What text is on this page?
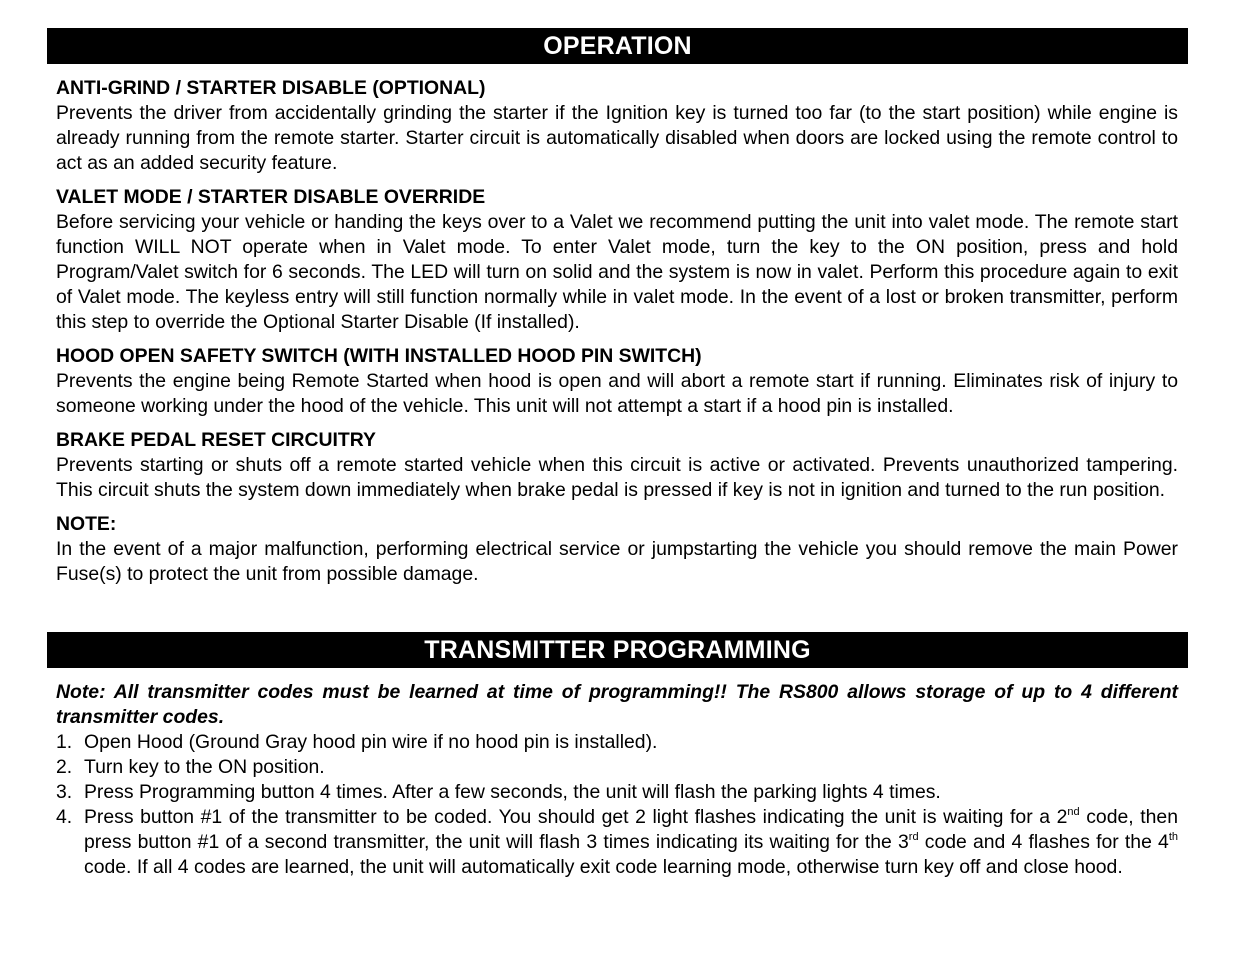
OPERATION
ANTI-GRIND / STARTER DISABLE (OPTIONAL)
Prevents the driver from accidentally grinding the starter if the Ignition key is turned too far (to the start position) while engine is already running from the remote starter. Starter circuit is automatically disabled when doors are locked using the remote control to act as an added security feature.
VALET MODE / STARTER DISABLE OVERRIDE
Before servicing your vehicle or handing the keys over to a Valet we recommend putting the unit into valet mode. The remote start function WILL NOT operate when in Valet mode. To enter Valet mode, turn the key to the ON position, press and hold Program/Valet switch for 6 seconds. The LED will turn on solid and the system is now in valet. Perform this procedure again to exit of Valet mode. The keyless entry will still function normally while in valet mode. In the event of a lost or broken transmitter, perform this step to override the Optional Starter Disable (If installed).
HOOD OPEN SAFETY SWITCH (WITH INSTALLED HOOD PIN SWITCH)
Prevents the engine being Remote Started when hood is open and will abort a remote start if running. Eliminates risk of injury to someone working under the hood of the vehicle. This unit will not attempt a start if a hood pin is installed.
BRAKE PEDAL RESET CIRCUITRY
Prevents starting or shuts off a remote started vehicle when this circuit is active or activated. Prevents unauthorized tampering. This circuit shuts the system down immediately when brake pedal is pressed if key is not in ignition and turned to the run position.
NOTE:
In the event of a major malfunction, performing electrical service or jumpstarting the vehicle you should remove the main Power Fuse(s) to protect the unit from possible damage.
TRANSMITTER PROGRAMMING
Note: All transmitter codes must be learned at time of programming!! The RS800 allows storage of up to 4 different transmitter codes.
1. Open Hood (Ground Gray hood pin wire if no hood pin is installed).
2. Turn key to the ON position.
3. Press Programming button 4 times. After a few seconds, the unit will flash the parking lights 4 times.
4. Press button #1 of the transmitter to be coded. You should get 2 light flashes indicating the unit is waiting for a 2nd code, then press button #1 of a second transmitter, the unit will flash 3 times indicating its waiting for the 3rd code and 4 flashes for the 4th code. If all 4 codes are learned, the unit will automatically exit code learning mode, otherwise turn key off and close hood.
